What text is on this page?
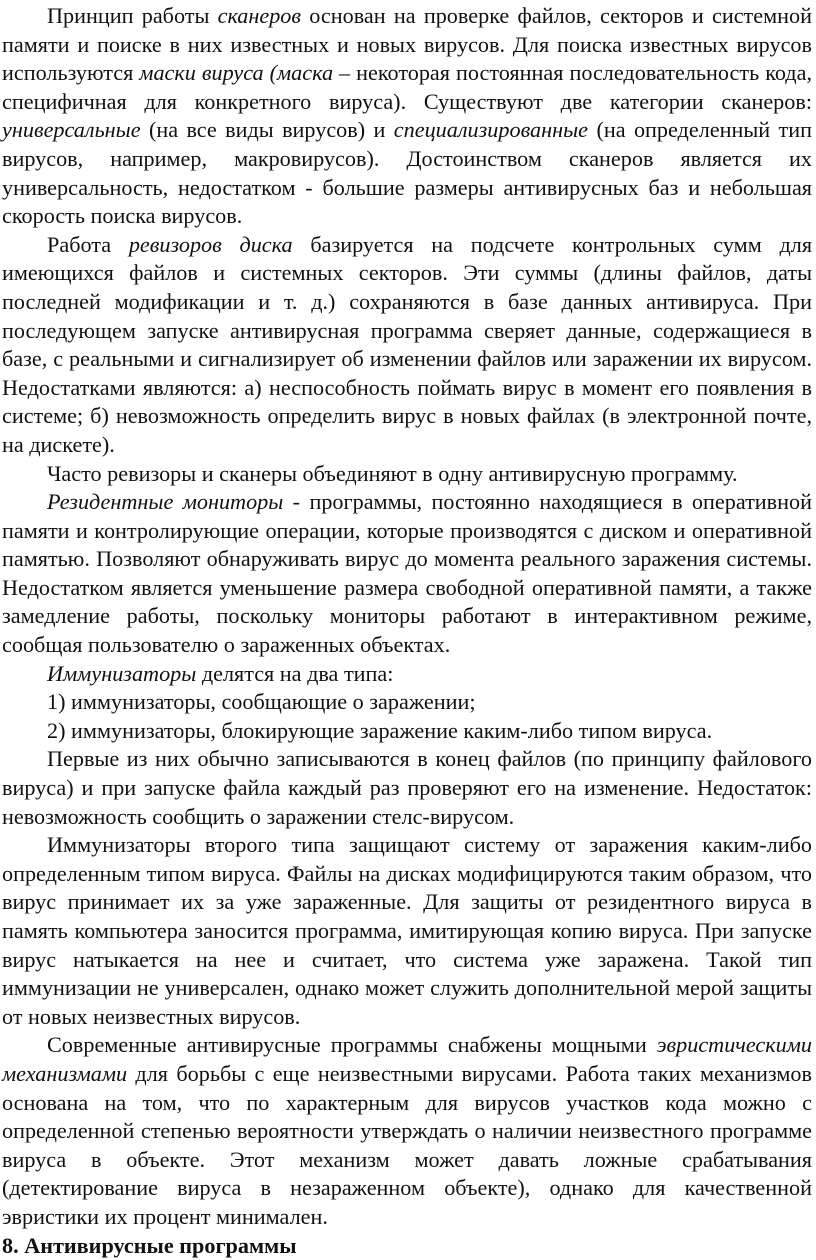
Принцип работы сканеров основан на проверке файлов, секторов и системной памяти и поиске в них известных и новых вирусов. Для поиска известных вирусов используются маски вируса (маска – некоторая постоянная последовательность кода, специфичная для конкретного вируса). Существуют две категории сканеров: универсальные (на все виды вирусов) и специализированные (на определенный тип вирусов, например, макровирусов). Достоинством сканеров является их универсальность, недостатком - большие размеры антивирусных баз и небольшая скорость поиска вирусов.

Работа ревизоров диска базируется на подсчете контрольных сумм для имеющихся файлов и системных секторов. Эти суммы (длины файлов, даты последней модификации и т. д.) сохраняются в базе данных антивируса. При последующем запуске антивирусная программа сверяет данные, содержащиеся в базе, с реальными и сигнализирует об изменении файлов или заражении их вирусом. Недостатками являются: а) неспособность поймать вирус в момент его появления в системе; б) невозможность определить вирус в новых файлах (в электронной почте, на дискете).

Часто ревизоры и сканеры объединяют в одну антивирусную программу.

Резидентные мониторы - программы, постоянно находящиеся в оперативной памяти и контролирующие операции, которые производятся с диском и оперативной памятью. Позволяют обнаруживать вирус до момента реального заражения системы. Недостатком является уменьшение размера свободной оперативной памяти, а также замедление работы, поскольку мониторы работают в интерактивном режиме, сообщая пользователю о зараженных объектах.

Иммунизаторы делятся на два типа:

1) иммунизаторы, сообщающие о заражении;

2) иммунизаторы, блокирующие заражение каким-либо типом вируса.

Первые из них обычно записываются в конец файлов (по принципу файлового вируса) и при запуске файла каждый раз проверяют его на изменение. Недостаток: невозможность сообщить о заражении стелс-вирусом.

Иммунизаторы второго типа защищают систему от заражения каким-либо определенным типом вируса. Файлы на дисках модифицируются таким образом, что вирус принимает их за уже зараженные. Для защиты от резидентного вируса в память компьютера заносится программа, имитирующая копию вируса. При запуске вирус натыкается на нее и считает, что система уже заражена. Такой тип иммунизации не универсален, однако может служить дополнительной мерой защиты от новых неизвестных вирусов.

Современные антивирусные программы снабжены мощными эвристическими механизмами для борьбы с еще неизвестными вирусами. Работа таких механизмов основана на том, что по характерным для вирусов участков кода можно с определенной степенью вероятности утверждать о наличии неизвестного программе вируса в объекте. Этот механизм может давать ложные срабатывания (детектирование вируса в незараженном объекте), однако для качественной эвристики их процент минимален.

8. Антивирусные программы
